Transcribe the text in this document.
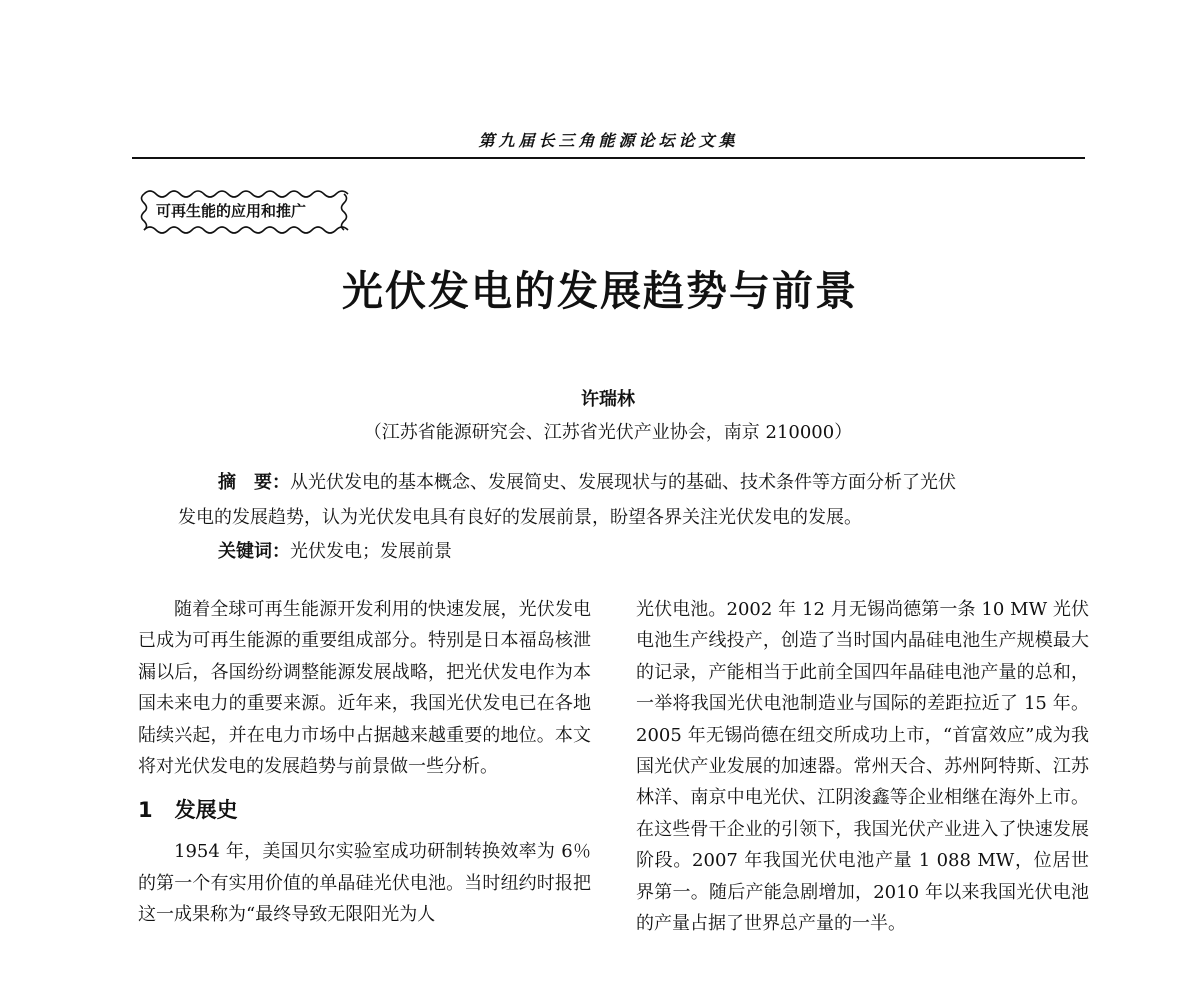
第九届长三角能源论坛论文集
可再生能的应用和推广
光伏发电的发展趋势与前景
许瑞林
（江苏省能源研究会、江苏省光伏产业协会，南京 210000）
摘　要：从光伏发电的基本概念、发展简史、发展现状与的基础、技术条件等方面分析了光伏
发电的发展趋势，认为光伏发电具有良好的发展前景，盼望各界关注光伏发电的发展。
关键词：光伏发电；发展前景

随着全球可再生能源开发利用的快速发展，光伏发电已成为可再生能源的重要组成部分。特别是日本福岛核泄漏以后，各国纷纷调整能源发展战略，把光伏发电作为本国未来电力的重要来源。近年来，我国光伏发电已在各地陆续兴起，并在电力市场中占据越来越重要的地位。本文将对光伏发电的发展趋势与前景做一些分析。

1 发展史

1954 年，美国贝尔实验室成功研制转换效率为 6％的第一个有实用价值的单晶硅光伏电池。当时纽约时报把这一成果称为“最终导致无限阳光为人

光伏电池。2002 年 12 月无锡尚德第一条 10 MW 光伏电池生产线投产，创造了当时国内晶硅电池生产规模最大的记录，产能相当于此前全国四年晶硅电池产量的总和，一举将我国光伏电池制造业与国际的差距拉近了 15 年。2005 年无锡尚德在纽交所成功上市，“首富效应”成为我国光伏产业发展的加速器。常州天合、苏州阿特斯、江苏林洋、南京中电光伏、江阴浚鑫等企业相继在海外上市。在这些骨干企业的引领下，我国光伏产业进入了快速发展阶段。2007 年我国光伏电池产量 1 088 MW，位居世界第一。随后产能急剧增加，2010 年以来我国光伏电池的产量占据了世界总产量的一半。
